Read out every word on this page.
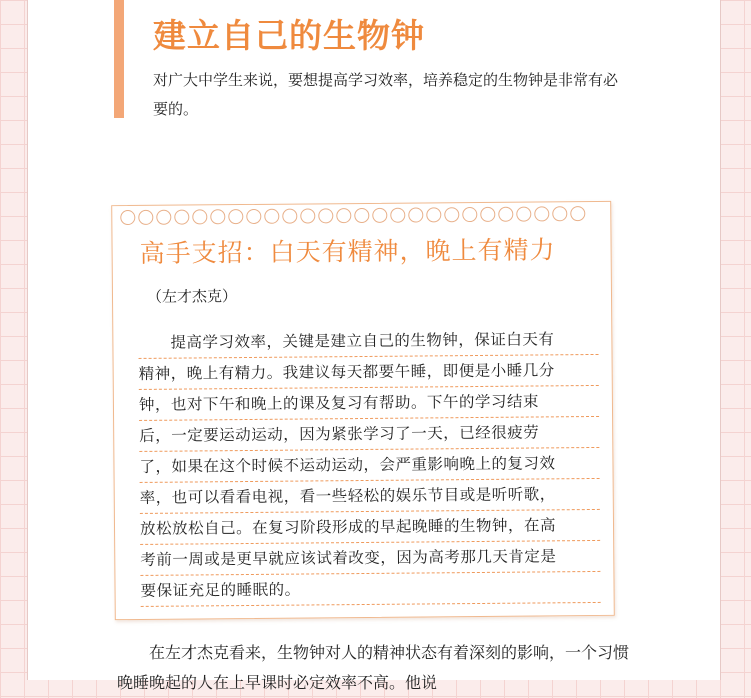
建立自己的生物钟

对广大中学生来说，要想提高学习效率，培养稳定的生物钟是非常有必要的。

高手支招：白天有精神，晚上有精力
（左才杰克）
　　提高学习效率，关键是建立自己的生物钟，保证白天有
精神，晚上有精力。我建议每天都要午睡，即便是小睡几分
钟，也对下午和晚上的课及复习有帮助。下午的学习结束
后，一定要运动运动，因为紧张学习了一天，已经很疲劳
了，如果在这个时候不运动运动，会严重影响晚上的复习效
率，也可以看看电视，看一些轻松的娱乐节目或是听听歌，
放松放松自己。在复习阶段形成的早起晚睡的生物钟，在高
考前一周或是更早就应该试着改变，因为高考那几天肯定是
要保证充足的睡眠的。

在左才杰克看来，生物钟对人的精神状态有着深刻的影响，一个习惯晚睡晚起的人在上早课时必定效率不高。他说
